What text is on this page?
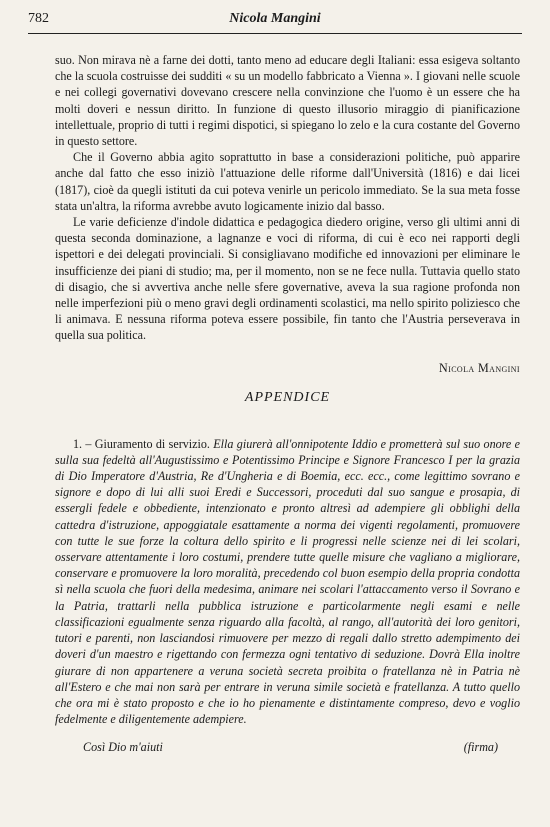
782	Nicola Mangini

suo. Non mirava nè a farne dei dotti, tanto meno ad educare degli Italiani: essa esigeva soltanto che la scuola costruisse dei sudditi « su un modello fabbricato a Vienna ». I giovani nelle scuole e nei collegi governativi dovevano crescere nella convinzione che l'uomo è un essere che ha molti doveri e nessun diritto. In funzione di questo illusorio miraggio di pianificazione intellettuale, proprio di tutti i regimi dispotici, si spiegano lo zelo e la cura costante del Governo in questo settore.

Che il Governo abbia agito soprattutto in base a considerazioni politiche, può apparire anche dal fatto che esso iniziò l'attuazione delle riforme dall'Università (1816) e dai licei (1817), cioè da quegli istituti da cui poteva venirle un pericolo immediato. Se la sua meta fosse stata un'altra, la riforma avrebbe avuto logicamente inizio dal basso.

Le varie deficienze d'indole didattica e pedagogica diedero origine, verso gli ultimi anni di questa seconda dominazione, a lagnanze e voci di riforma, di cui è eco nei rapporti degli ispettori e dei delegati provinciali. Si consigliavano modifiche ed innovazioni per eliminare le insufficienze dei piani di studio; ma, per il momento, non se ne fece nulla. Tuttavia quello stato di disagio, che si avvertiva anche nelle sfere governative, aveva la sua ragione profonda non nelle imperfezioni più o meno gravi degli ordinamenti scolastici, ma nello spirito poliziesco che li animava. E nessuna riforma poteva essere possibile, fin tanto che l'Austria perseverava in quella sua politica.

Nicola Mangini
APPENDICE

1. – Giuramento di servizio. Ella giurerà all'onnipotente Iddio e prometterà sul suo onore e sulla sua fedeltà all'Augustissimo e Potentissimo Principe e Signore Francesco I per la grazia di Dio Imperatore d'Austria, Re d'Ungheria e di Boemia, ecc. ecc., come legittimo sovrano e signore e dopo di lui alli suoi Eredi e Successori, proceduti dal suo sangue e prosapia, di essergli fedele e obbediente, intenzionato e pronto altresì ad adempiere gli obblighi della cattedra d'istruzione, appoggiatale esattamente a norma dei vigenti regolamenti, promuovere con tutte le sue forze la coltura dello spirito e li progressi nelle scienze nei di lei scolari, osservare attentamente i loro costumi, prendere tutte quelle misure che vagliano a migliorare, conservare e promuovere la loro moralità, precedendo col buon esempio della propria condotta sì nella scuola che fuori della medesima, animare nei scolari l'attaccamento verso il Sovrano e la Patria, trattarli nella pubblica istruzione e particolarmente negli esami e nelle classificazioni egualmente senza riguardo alla facoltà, al rango, all'autorità dei loro genitori, tutori e parenti, non lasciandosi rimuovere per mezzo di regali dallo stretto adempimento dei doveri d'un maestro e rigettando con fermezza ogni tentativo di seduzione. Dovrà Ella inoltre giurare di non appartenere a veruna società secreta proibita o fratellanza nè in Patria nè all'Estero e che mai non sarà per entrare in veruna simile società e fratellanza. A tutto quello che ora mi è stato proposto e che io ho pienamente e distintamente compreso, devo e voglio fedelmente e diligentemente adempiere.

Così Dio m'aiuti	(firma)
